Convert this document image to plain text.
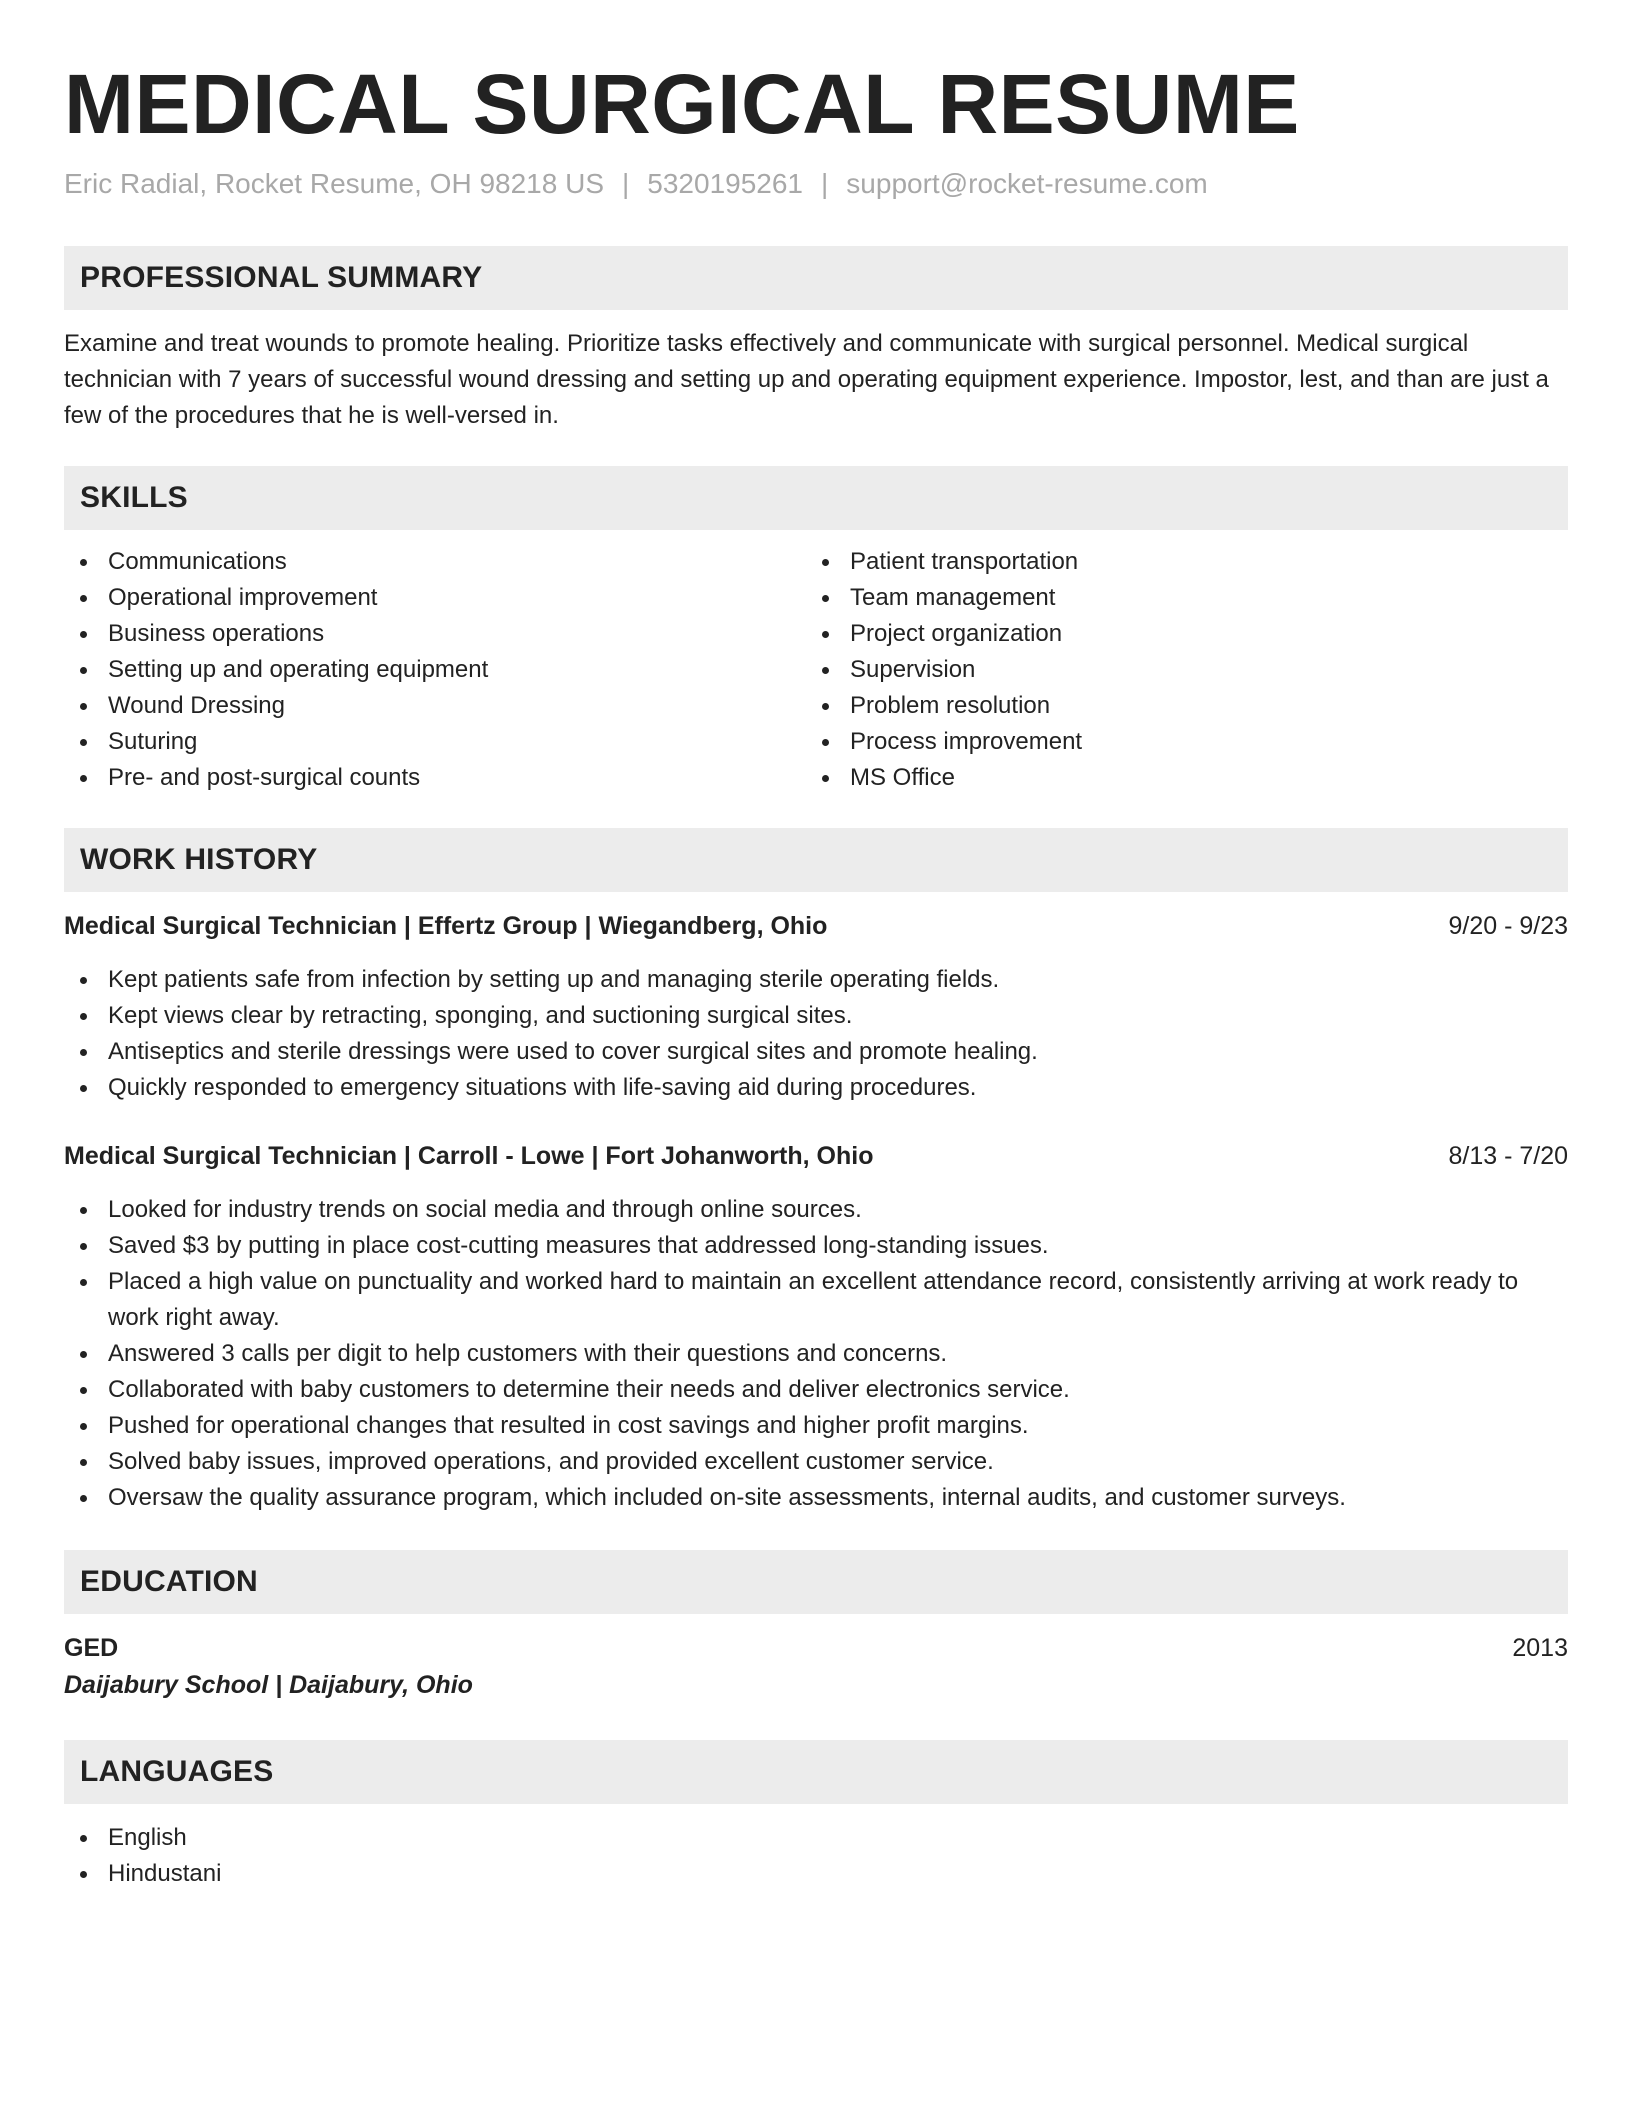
MEDICAL SURGICAL RESUME
Eric Radial, Rocket Resume, OH 98218 US | 5320195261 | support@rocket-resume.com
PROFESSIONAL SUMMARY

Examine and treat wounds to promote healing. Prioritize tasks effectively and communicate with surgical personnel. Medical surgical technician with 7 years of successful wound dressing and setting up and operating equipment experience. Impostor, lest, and than are just a few of the procedures that he is well-versed in.

SKILLS
Communications
Operational improvement
Business operations
Setting up and operating equipment
Wound Dressing
Suturing
Pre- and post-surgical counts
Patient transportation
Team management
Project organization
Supervision
Problem resolution
Process improvement
MS Office
WORK HISTORY
Medical Surgical Technician | Effertz Group | Wiegandberg, Ohio	9/20 - 9/23
Kept patients safe from infection by setting up and managing sterile operating fields.
Kept views clear by retracting, sponging, and suctioning surgical sites.
Antiseptics and sterile dressings were used to cover surgical sites and promote healing.
Quickly responded to emergency situations with life-saving aid during procedures.
Medical Surgical Technician | Carroll - Lowe | Fort Johanworth, Ohio	8/13 - 7/20
Looked for industry trends on social media and through online sources.
Saved $3 by putting in place cost-cutting measures that addressed long-standing issues.
Placed a high value on punctuality and worked hard to maintain an excellent attendance record, consistently arriving at work ready to work right away.
Answered 3 calls per digit to help customers with their questions and concerns.
Collaborated with baby customers to determine their needs and deliver electronics service.
Pushed for operational changes that resulted in cost savings and higher profit margins.
Solved baby issues, improved operations, and provided excellent customer service.
Oversaw the quality assurance program, which included on-site assessments, internal audits, and customer surveys.
EDUCATION
GED	2013
Daijabury School | Daijabury, Ohio
LANGUAGES
English
Hindustani
